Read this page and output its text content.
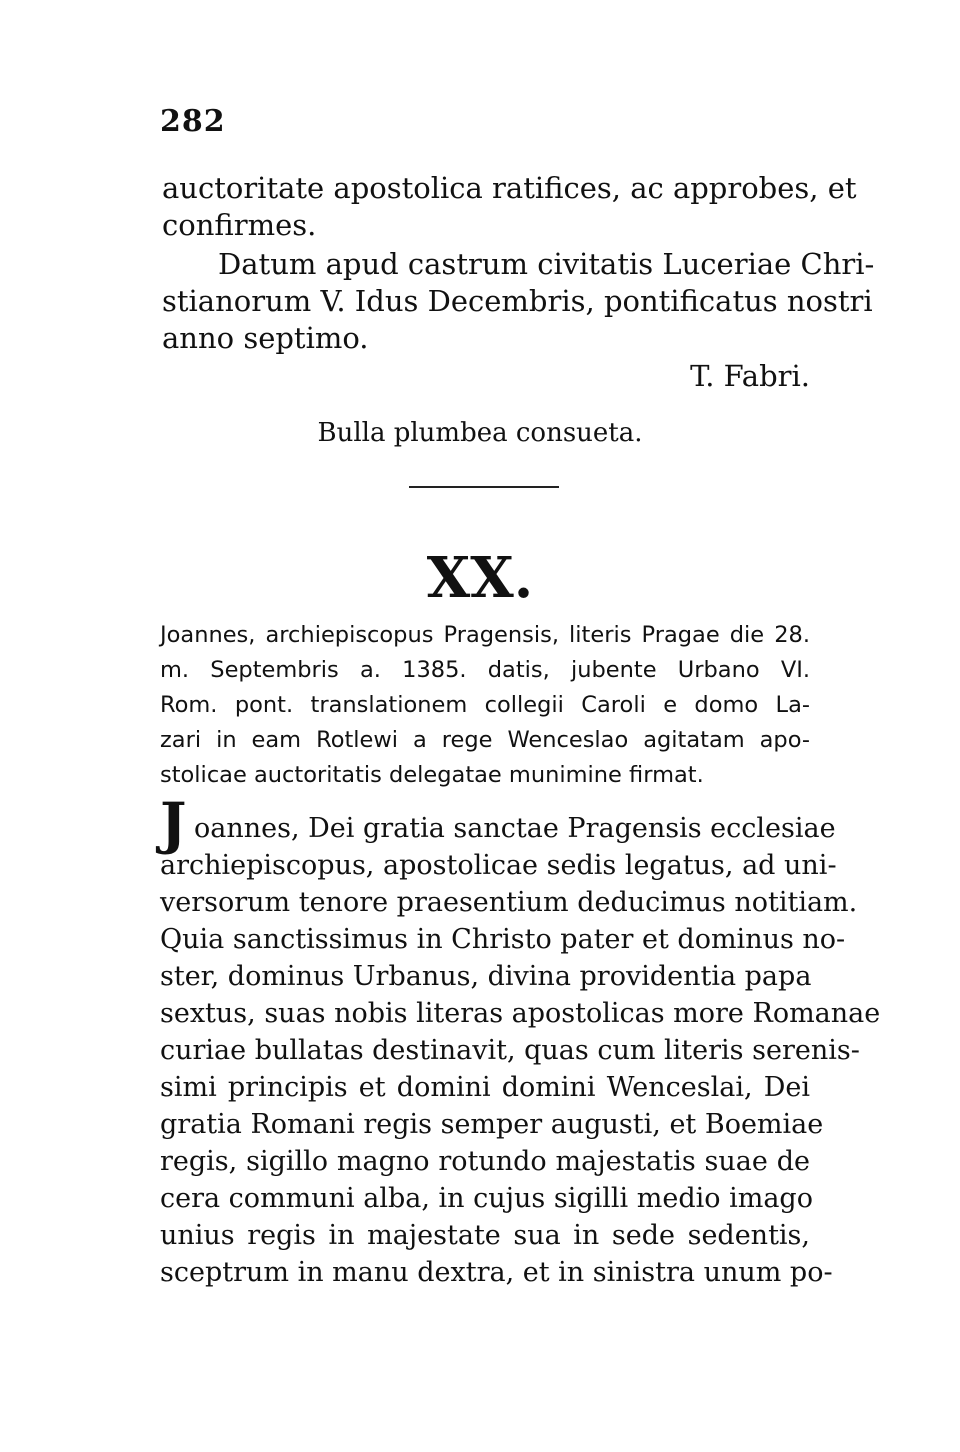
282
auctoritate apostolica ratifices, ac approbes, et
confirmes.
Datum apud castrum civitatis Luceriae Chri-
stianorum V. Idus Decembris, pontificatus nostri
anno septimo.
T. Fabri.
Bulla plumbea consueta.
XX.
Joannes, archiepiscopus Pragensis, literis Pragae die 28.
m. Septembris a. 1385. datis, jubente Urbano VI.
Rom. pont. translationem collegii Caroli e domo La-
zari in eam Rotlewi a rege Wenceslao agitatam apo-
stolicae auctoritatis delegatae munimine firmat.
J oannes, Dei gratia sanctae Pragensis ecclesiae
archiepiscopus, apostolicae sedis legatus, ad uni-
versorum tenore praesentium deducimus notitiam.
Quia sanctissimus in Christo pater et dominus no-
ster, dominus Urbanus, divina providentia papa
sextus, suas nobis literas apostolicas more Romanae
curiae bullatas destinavit, quas cum literis serenis-
simi principis et domini domini Wenceslai, Dei
gratia Romani regis semper augusti, et Boemiae
regis, sigillo magno rotundo majestatis suae de
cera communi alba, in cujus sigilli medio imago
unius regis in majestate sua in sede sedentis,
sceptrum in manu dextra, et in sinistra unum po-
